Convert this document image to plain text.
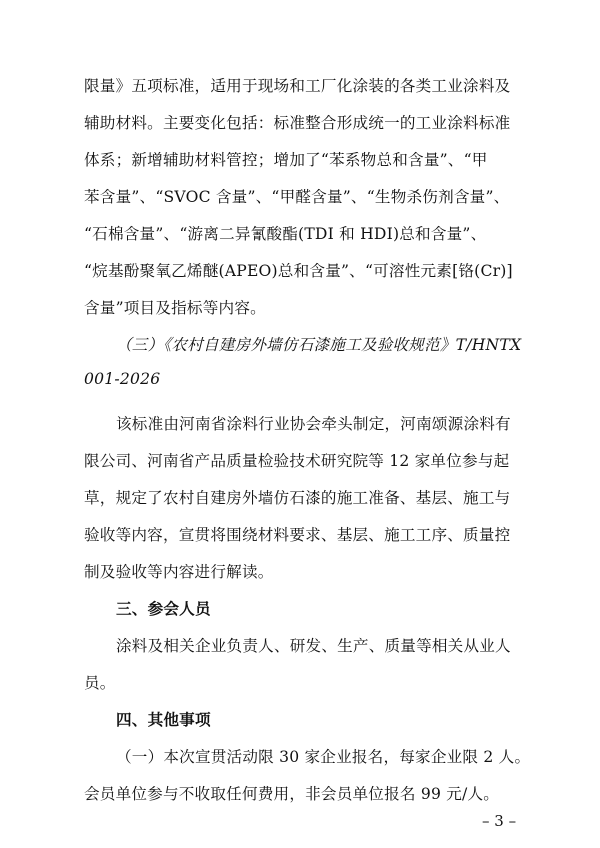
限量》五项标准，适用于现场和工厂化涂装的各类工业涂料及
辅助材料。主要变化包括：标准整合形成统一的工业涂料标准
体系；新增辅助材料管控；增加了“苯系物总和含量”、“甲
苯含量”、“SVOC 含量”、“甲醛含量”、“生物杀伤剂含量”、
“石棉含量”、“游离二异氰酸酯(TDI 和 HDI)总和含量”、
“烷基酚聚氧乙烯醚(APEO)总和含量”、“可溶性元素[铬(Cr)]
含量”项目及指标等内容。
（三）《农村自建房外墙仿石漆施工及验收规范》T/HNTX
001-2026
该标准由河南省涂料行业协会牵头制定，河南颂源涂料有
限公司、河南省产品质量检验技术研究院等 12 家单位参与起
草，规定了农村自建房外墙仿石漆的施工准备、基层、施工与
验收等内容，宣贯将围绕材料要求、基层、施工工序、质量控
制及验收等内容进行解读。
三、参会人员
涂料及相关企业负责人、研发、生产、质量等相关从业人
员。
四、其他事项
（一）本次宣贯活动限 30 家企业报名，每家企业限 2 人。
会员单位参与不收取任何费用，非会员单位报名 99 元/人。
– 3 –
